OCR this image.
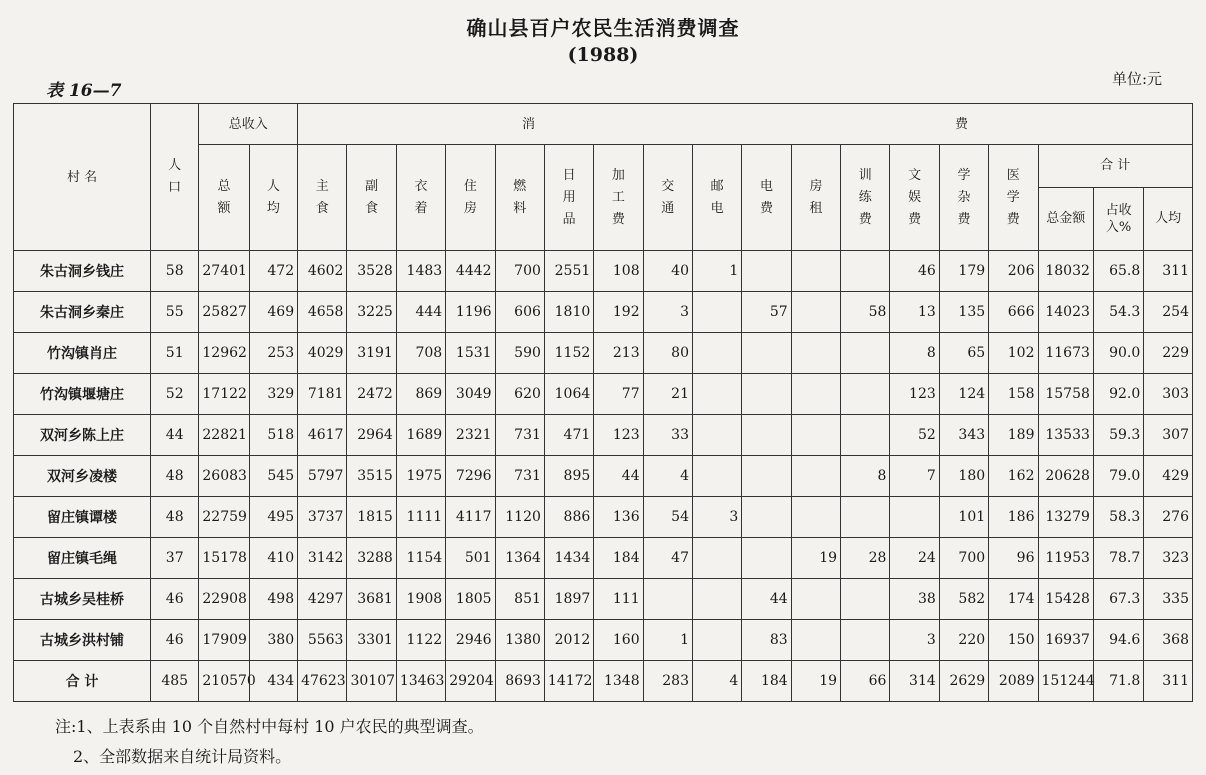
确山县百户农民生活消费调查
(1988)
表 16—7
单位:元
村 名	人口	总收入		消 费																	
		总额	人均	主食	副食	衣着	住房	燃料	日用品	加工费	交通	邮电	电费	房租	训练费	文娱费	学杂费	医学费	合 计		
																			总金额	占收入%	人均
朱古洞乡钱庄	58	27401	472	4602	3528	1483	4442	700	2551	108	40	1				46	179	206	18032	65.8	311
朱古洞乡秦庄	55	25827	469	4658	3225	444	1196	606	1810	192	3		57		58	13	135	666	14023	54.3	254
竹沟镇肖庄	51	12962	253	4029	3191	708	1531	590	1152	213	80					8	65	102	11673	90.0	229
竹沟镇堰塘庄	52	17122	329	7181	2472	869	3049	620	1064	77	21					123	124	158	15758	92.0	303
双河乡陈上庄	44	22821	518	4617	2964	1689	2321	731	471	123	33					52	343	189	13533	59.3	307
双河乡凌楼	48	26083	545	5797	3515	1975	7296	731	895	44	4				8	7	180	162	20628	79.0	429
留庄镇谭楼	48	22759	495	3737	1815	1111	4117	1120	886	136	54	3					101	186	13279	58.3	276
留庄镇毛绳	37	15178	410	3142	3288	1154	501	1364	1434	184	47			19	28	24	700	96	11953	78.7	323
古城乡吴桂桥	46	22908	498	4297	3681	1908	1805	851	1897	111			44			38	582	174	15428	67.3	335
古城乡洪村铺	46	17909	380	5563	3301	1122	2946	1380	2012	160	1		83			3	220	150	16937	94.6	368
合 计	485	210570	434	47623	30107	13463	29204	8693	14172	1348	283	4	184	19	66	314	2629	2089	151244	71.8	311
注:1、上表系由 10 个自然村中每村 10 户农民的典型调查。
2、全部数据来自统计局资料。
